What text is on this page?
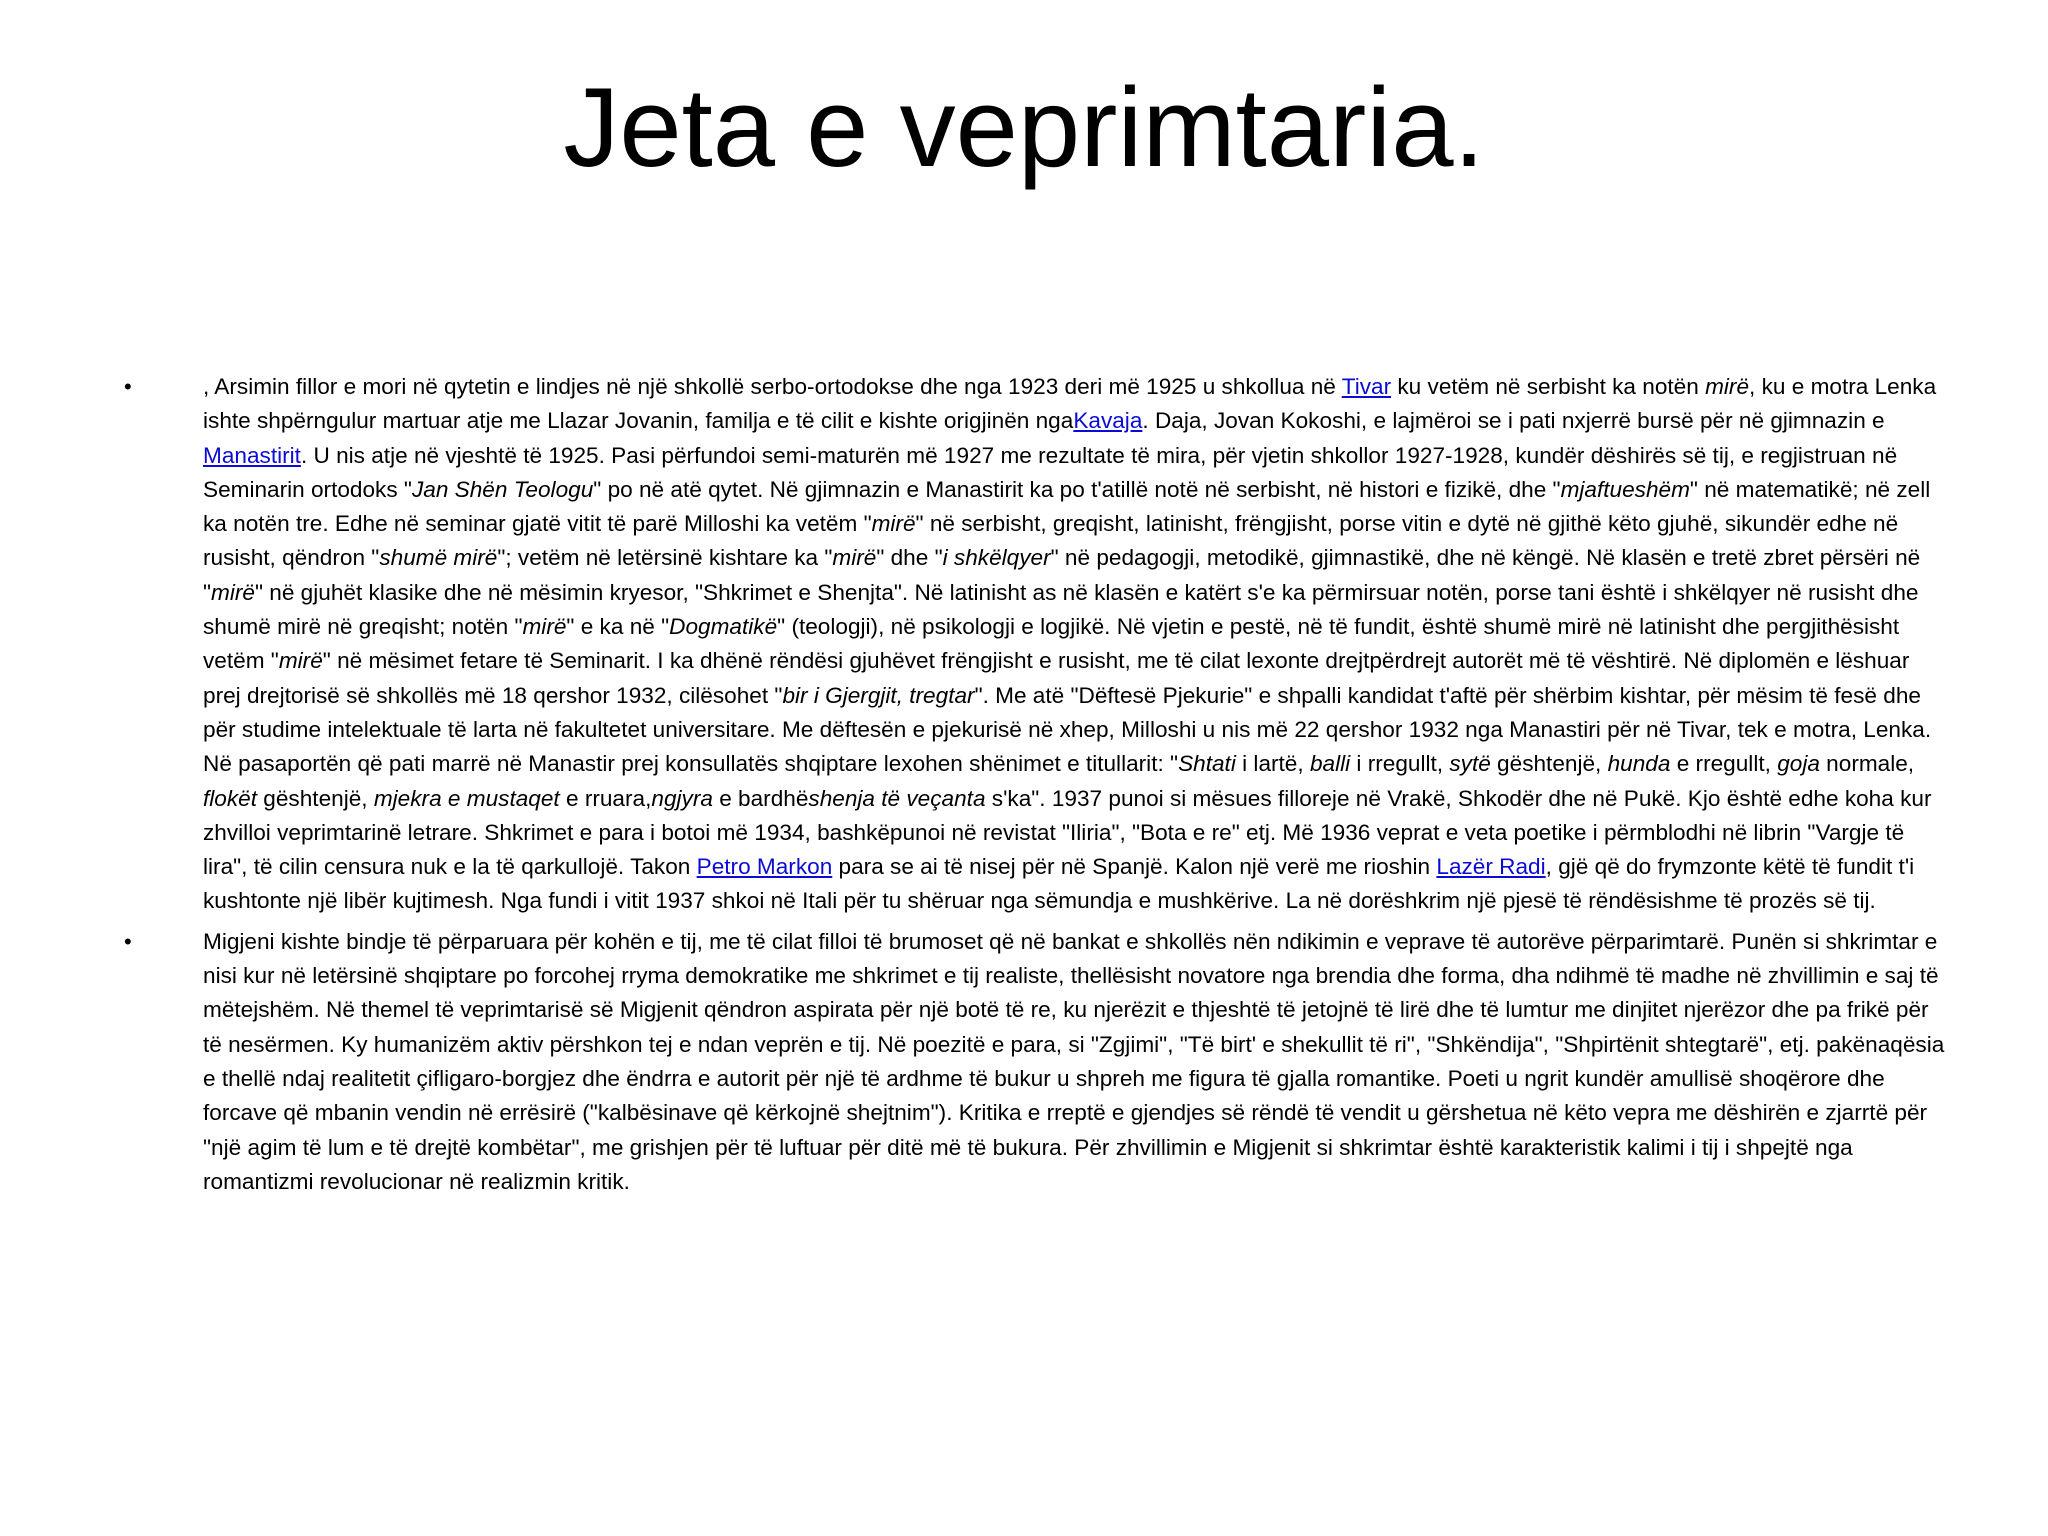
Jeta e veprimtaria.
•	, Arsimin fillor e mori në qytetin e lindjes në një shkollë serbo-ortodokse dhe nga 1923 deri më 1925 u shkollua në Tivar ku vetëm në serbisht ka notën mirë, ku e motra Lenka ishte shpërngulur martuar atje me Llazar Jovanin, familja e të cilit e kishte origjinën ngaKavaja. Daja, Jovan Kokoshi, e lajmëroi se i pati nxjerrë bursë për në gjimnazin e Manastirit. U nis atje në vjeshtë të 1925. Pasi përfundoi semi-maturën më 1927 me rezultate të mira, për vjetin shkollor 1927-1928, kundër dëshirës së tij, e regjistruan në Seminarin ortodoks "Jan Shën Teologu" po në atë qytet. Në gjimnazin e Manastirit ka po t'atillë notë në serbisht, në histori e fizikë, dhe "mjaftueshëm" në matematikë; në zell ka notën tre. Edhe në seminar gjatë vitit të parë Milloshi ka vetëm "mirë" në serbisht, greqisht, latinisht, frëngjisht, porse vitin e dytë në gjithë këto gjuhë, sikundër edhe në rusisht, qëndron "shumë mirë"; vetëm në letërsinë kishtare ka "mirë" dhe "i shkëlqyer" në pedagogji, metodikë, gjimnastikë, dhe në këngë. Në klasën e tretë zbret përsëri në "mirë" në gjuhët klasike dhe në mësimin kryesor, "Shkrimet e Shenjta". Në latinisht as në klasën e katërt s'e ka përmirsuar notën, porse tani është i shkëlqyer në rusisht dhe shumë mirë në greqisht; notën "mirë" e ka në "Dogmatikë" (teologji), në psikologji e logjikë. Në vjetin e pestë, në të fundit, është shumë mirë në latinisht dhe pergjithësisht vetëm "mirë" në mësimet fetare të Seminarit. I ka dhënë rëndësi gjuhëvet frëngjisht e rusisht, me të cilat lexonte drejtpërdrejt autorët më të vështirë. Në diplomën e lëshuar prej drejtorisë së shkollës më 18 qershor 1932, cilësohet "bir i Gjergjit, tregtar". Me atë "Dëftesë Pjekurie" e shpalli kandidat t'aftë për shërbim kishtar, për mësim të fesë dhe për studime intelektuale të larta në fakultetet universitare. Me dëftesën e pjekurisë në xhep, Milloshi u nis më 22 qershor 1932 nga Manastiri për në Tivar, tek e motra, Lenka. Në pasaportën që pati marrë në Manastir prej konsullatës shqiptare lexohen shënimet e titullarit: "Shtati i lartë, balli i rregullt, sytë gështenjë, hunda e rregullt, goja normale, flokët gështenjë, mjekra e mustaqet e rruara,ngjyra e bardhëshenja të veçanta s'ka". 1937 punoi si mësues filloreje në Vrakë, Shkodër dhe në Pukë. Kjo është edhe koha kur zhvilloi veprimtarinë letrare. Shkrimet e para i botoi më 1934, bashkëpunoi në revistat "Iliria", "Bota e re" etj. Më 1936 veprat e veta poetike i përmblodhi në librin "Vargje të lira", të cilin censura nuk e la të qarkullojë. Takon Petro Markon para se ai të nisej për në Spanjë. Kalon një verë me rioshin Lazër Radi, gjë që do frymzonte këtë të fundit t'i kushtonte një libër kujtimesh. Nga fundi i vitit 1937 shkoi në Itali për tu shëruar nga sëmundja e mushkërive. La në dorëshkrim një pjesë të rëndësishme të prozës së tij.
•	Migjeni kishte bindje të përparuara për kohën e tij, me të cilat filloi të brumoset që në bankat e shkollës nën ndikimin e veprave të autorëve përparimtarë. Punën si shkrimtar e nisi kur në letërsinë shqiptare po forcohej rryma demokratike me shkrimet e tij realiste, thellësisht novatore nga brendia dhe forma, dha ndihmë të madhe në zhvillimin e saj të mëtejshëm. Në themel të veprimtarisë së Migjenit qëndron aspirata për një botë të re, ku njerëzit e thjeshtë të jetojnë të lirë dhe të lumtur me dinjitet njerëzor dhe pa frikë për të nesërmen. Ky humanizëm aktiv përshkon tej e ndan veprën e tij. Në poezitë e para, si "Zgjimi", "Të birt' e shekullit të ri", "Shkëndija", "Shpirtënit shtegtarë", etj. pakënaqësia e thellë ndaj realitetit çifligaro-borgjez dhe ëndrra e autorit për një të ardhme të bukur u shpreh me figura të gjalla romantike. Poeti u ngrit kundër amullisë shoqërore dhe forcave që mbanin vendin në errësirë ("kalbësinave që kërkojnë shejtnim"). Kritika e rreptë e gjendjes së rëndë të vendit u gërshetua në këto vepra me dëshirën e zjarrtë për "një agim të lum e të drejtë kombëtar", me grishjen për të luftuar për ditë më të bukura. Për zhvillimin e Migjenit si shkrimtar është karakteristik kalimi i tij i shpejtë nga romantizmi revolucionar në realizmin kritik.
